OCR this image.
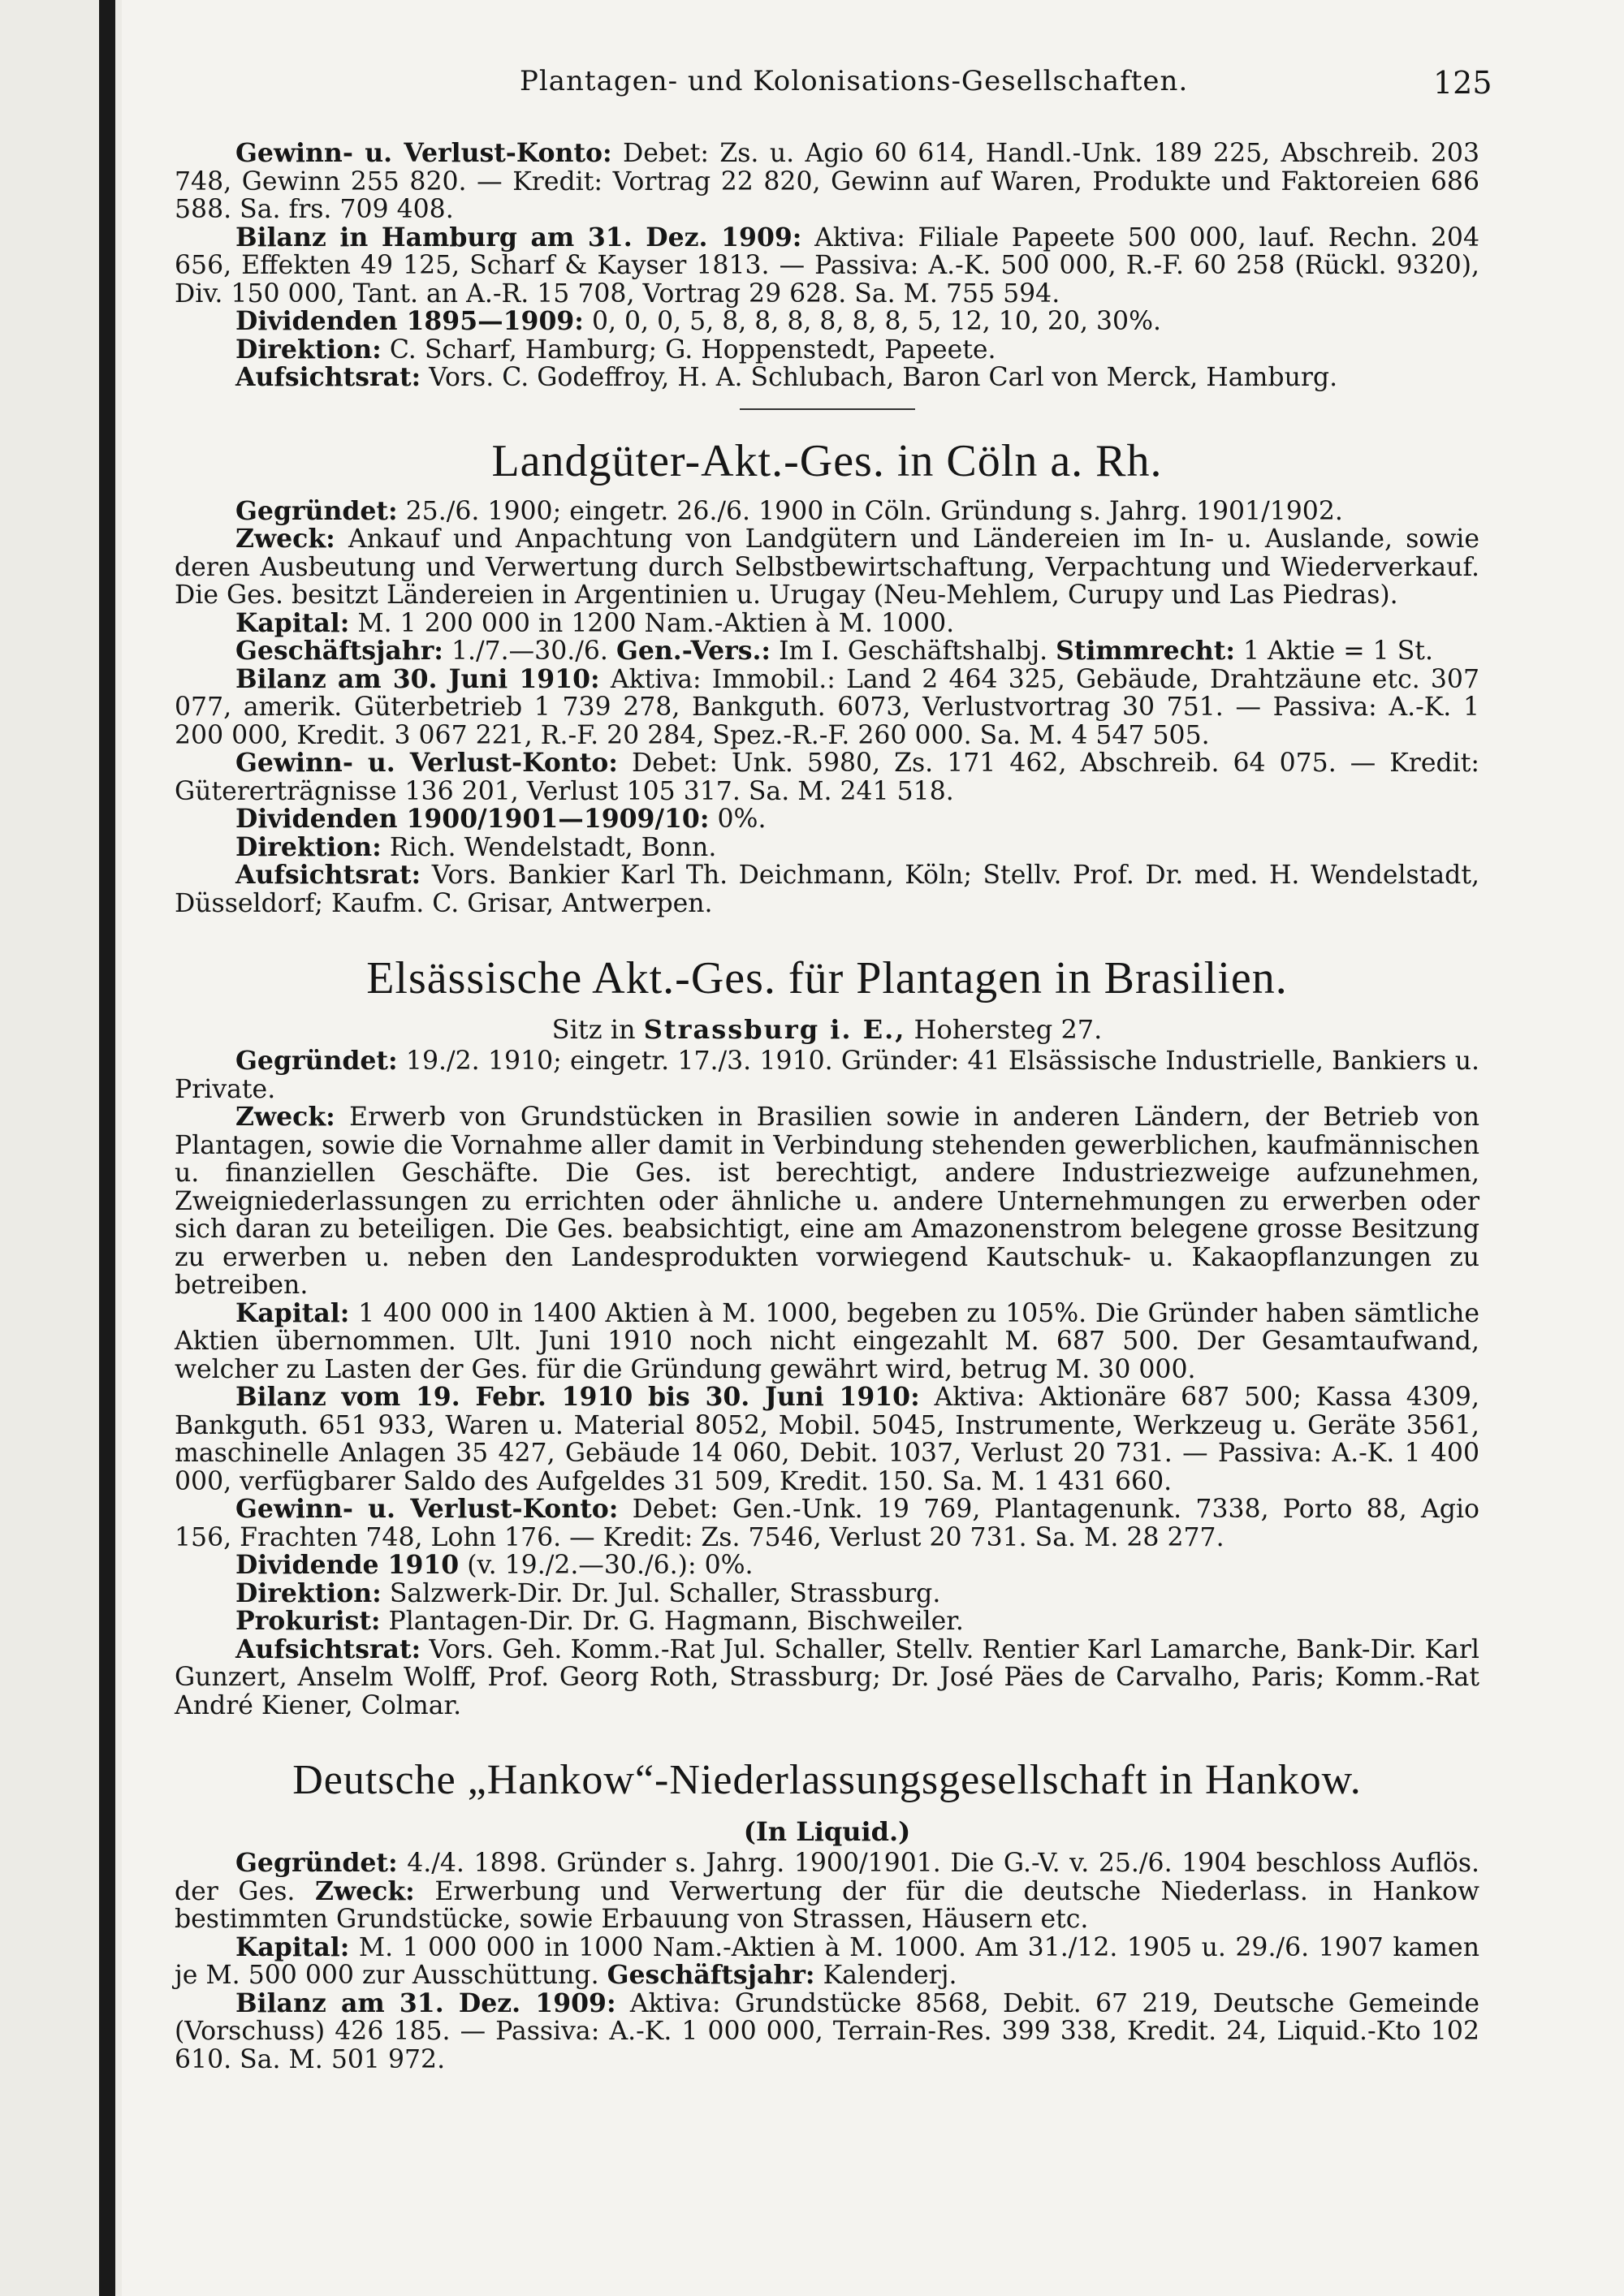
Plantagen- und Kolonisations-Gesellschaften.	125

Gewinn- u. Verlust-Konto: Debet: Zs. u. Agio 60 614, Handl.-Unk. 189 225, Abschreib. 203 748, Gewinn 255 820. — Kredit: Vortrag 22 820, Gewinn auf Waren, Produkte und Faktoreien 686 588. Sa. frs. 709 408.

Bilanz in Hamburg am 31. Dez. 1909: Aktiva: Filiale Papeete 500 000, lauf. Rechn. 204 656, Effekten 49 125, Scharf & Kayser 1813. — Passiva: A.-K. 500 000, R.-F. 60 258 (Rückl. 9320), Div. 150 000, Tant. an A.-R. 15 708, Vortrag 29 628. Sa. M. 755 594.

Dividenden 1895—1909: 0, 0, 0, 5, 8, 8, 8, 8, 8, 8, 5, 12, 10, 20, 30%.

Direktion: C. Scharf, Hamburg; G. Hoppenstedt, Papeete.

Aufsichtsrat: Vors. C. Godeffroy, H. A. Schlubach, Baron Carl von Merck, Hamburg.

Landgüter-Akt.-Ges. in Cöln a. Rh.

Gegründet: 25./6. 1900; eingetr. 26./6. 1900 in Cöln. Gründung s. Jahrg. 1901/1902.

Zweck: Ankauf und Anpachtung von Landgütern und Ländereien im In- u. Auslande, sowie deren Ausbeutung und Verwertung durch Selbstbewirtschaftung, Verpachtung und Wiederverkauf. Die Ges. besitzt Ländereien in Argentinien u. Urugay (Neu-Mehlem, Curupy und Las Piedras).

Kapital: M. 1 200 000 in 1200 Nam.-Aktien à M. 1000.

Geschäftsjahr: 1./7.—30./6. Gen.-Vers.: Im I. Geschäftshalbj. Stimmrecht: 1 Aktie = 1 St.

Bilanz am 30. Juni 1910: Aktiva: Immobil.: Land 2 464 325, Gebäude, Drahtzäune etc. 307 077, amerik. Güterbetrieb 1 739 278, Bankguth. 6073, Verlustvortrag 30 751. — Passiva: A.-K. 1 200 000, Kredit. 3 067 221, R.-F. 20 284, Spez.-R.-F. 260 000. Sa. M. 4 547 505.

Gewinn- u. Verlust-Konto: Debet: Unk. 5980, Zs. 171 462, Abschreib. 64 075. — Kredit: Gütererträgnisse 136 201, Verlust 105 317. Sa. M. 241 518.

Dividenden 1900/1901—1909/10: 0%.

Direktion: Rich. Wendelstadt, Bonn.

Aufsichtsrat: Vors. Bankier Karl Th. Deichmann, Köln; Stellv. Prof. Dr. med. H. Wendelstadt, Düsseldorf; Kaufm. C. Grisar, Antwerpen.

Elsässische Akt.-Ges. für Plantagen in Brasilien.
Sitz in Strassburg i. E., Hohersteg 27.

Gegründet: 19./2. 1910; eingetr. 17./3. 1910. Gründer: 41 Elsässische Industrielle, Bankiers u. Private.

Zweck: Erwerb von Grundstücken in Brasilien sowie in anderen Ländern, der Betrieb von Plantagen, sowie die Vornahme aller damit in Verbindung stehenden gewerblichen, kaufmännischen u. finanziellen Geschäfte. Die Ges. ist berechtigt, andere Industriezweige aufzunehmen, Zweigniederlassungen zu errichten oder ähnliche u. andere Unternehmungen zu erwerben oder sich daran zu beteiligen. Die Ges. beabsichtigt, eine am Amazonenstrom belegene grosse Besitzung zu erwerben u. neben den Landesprodukten vorwiegend Kautschuk- u. Kakaopflanzungen zu betreiben.

Kapital: 1 400 000 in 1400 Aktien à M. 1000, begeben zu 105%. Die Gründer haben sämtliche Aktien übernommen. Ult. Juni 1910 noch nicht eingezahlt M. 687 500. Der Gesamtaufwand, welcher zu Lasten der Ges. für die Gründung gewährt wird, betrug M. 30 000.

Bilanz vom 19. Febr. 1910 bis 30. Juni 1910: Aktiva: Aktionäre 687 500; Kassa 4309, Bankguth. 651 933, Waren u. Material 8052, Mobil. 5045, Instrumente, Werkzeug u. Geräte 3561, maschinelle Anlagen 35 427, Gebäude 14 060, Debit. 1037, Verlust 20 731. — Passiva: A.-K. 1 400 000, verfügbarer Saldo des Aufgeldes 31 509, Kredit. 150. Sa. M. 1 431 660.

Gewinn- u. Verlust-Konto: Debet: Gen.-Unk. 19 769, Plantagenunk. 7338, Porto 88, Agio 156, Frachten 748, Lohn 176. — Kredit: Zs. 7546, Verlust 20 731. Sa. M. 28 277.

Dividende 1910 (v. 19./2.—30./6.): 0%.

Direktion: Salzwerk-Dir. Dr. Jul. Schaller, Strassburg.

Prokurist: Plantagen-Dir. Dr. G. Hagmann, Bischweiler.

Aufsichtsrat: Vors. Geh. Komm.-Rat Jul. Schaller, Stellv. Rentier Karl Lamarche, Bank-Dir. Karl Gunzert, Anselm Wolff, Prof. Georg Roth, Strassburg; Dr. José Päes de Carvalho, Paris; Komm.-Rat André Kiener, Colmar.

Deutsche „Hankow“-Niederlassungsgesellschaft in Hankow.
(In Liquid.)

Gegründet: 4./4. 1898. Gründer s. Jahrg. 1900/1901. Die G.-V. v. 25./6. 1904 beschloss Auflös. der Ges. Zweck: Erwerbung und Verwertung der für die deutsche Niederlass. in Hankow bestimmten Grundstücke, sowie Erbauung von Strassen, Häusern etc.

Kapital: M. 1 000 000 in 1000 Nam.-Aktien à M. 1000. Am 31./12. 1905 u. 29./6. 1907 kamen je M. 500 000 zur Ausschüttung. Geschäftsjahr: Kalenderj.

Bilanz am 31. Dez. 1909: Aktiva: Grundstücke 8568, Debit. 67 219, Deutsche Gemeinde (Vorschuss) 426 185. — Passiva: A.-K. 1 000 000, Terrain-Res. 399 338, Kredit. 24, Liquid.-Kto 102 610. Sa. M. 501 972.
